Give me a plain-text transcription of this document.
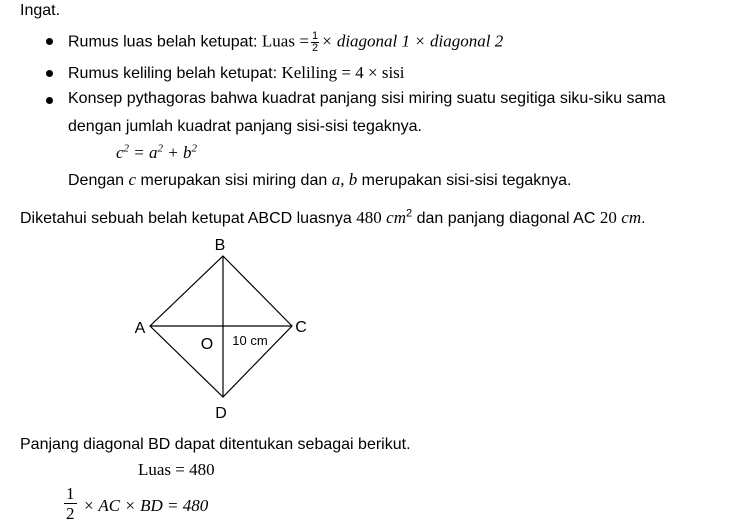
Ingat.
Rumus luas belah ketupat: Luas = $\frac{1}{2}$ × diagonal 1 × diagonal 2
Rumus keliling belah ketupat: Keliling = 4 × sisi
Konsep pythagoras bahwa kuadrat panjang sisi miring suatu segitiga siku-siku sama
dengan jumlah kuadrat panjang sisi-sisi tegaknya.
$c^2 = a^2 + b^2$
Dengan c merupakan sisi miring dan a, b merupakan sisi-sisi tegaknya.
Diketahui sebuah belah ketupat ABCD luasnya 480 $cm^2$ dan panjang diagonal AC 20 cm.
B
A	C
D
O 10 cm
Panjang diagonal BD dapat ditentukan sebagai berikut.
Luas = 480
$\frac{1}{2}$ × AC × BD = 480
